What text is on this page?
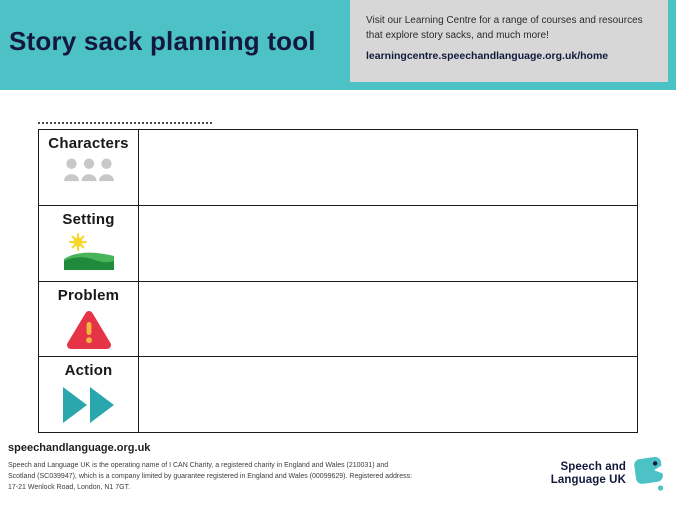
Story sack planning tool

Visit our Learning Centre for a range of courses and resources that explore story sacks, and much more!

learningcentre.speechandlanguage.org.uk/home

Characters
Setting
Problem
Action

speechandlanguage.org.uk

Speech and Language UK is the operating name of I CAN Charity, a registered charity in England and Wales (210031) and Scotland (SC039947), which is a company limited by guarantee registered in England and Wales (00099629). Registered address: 17-21 Wenlock Road, London, N1 7GT.

Speech and
Language UK
